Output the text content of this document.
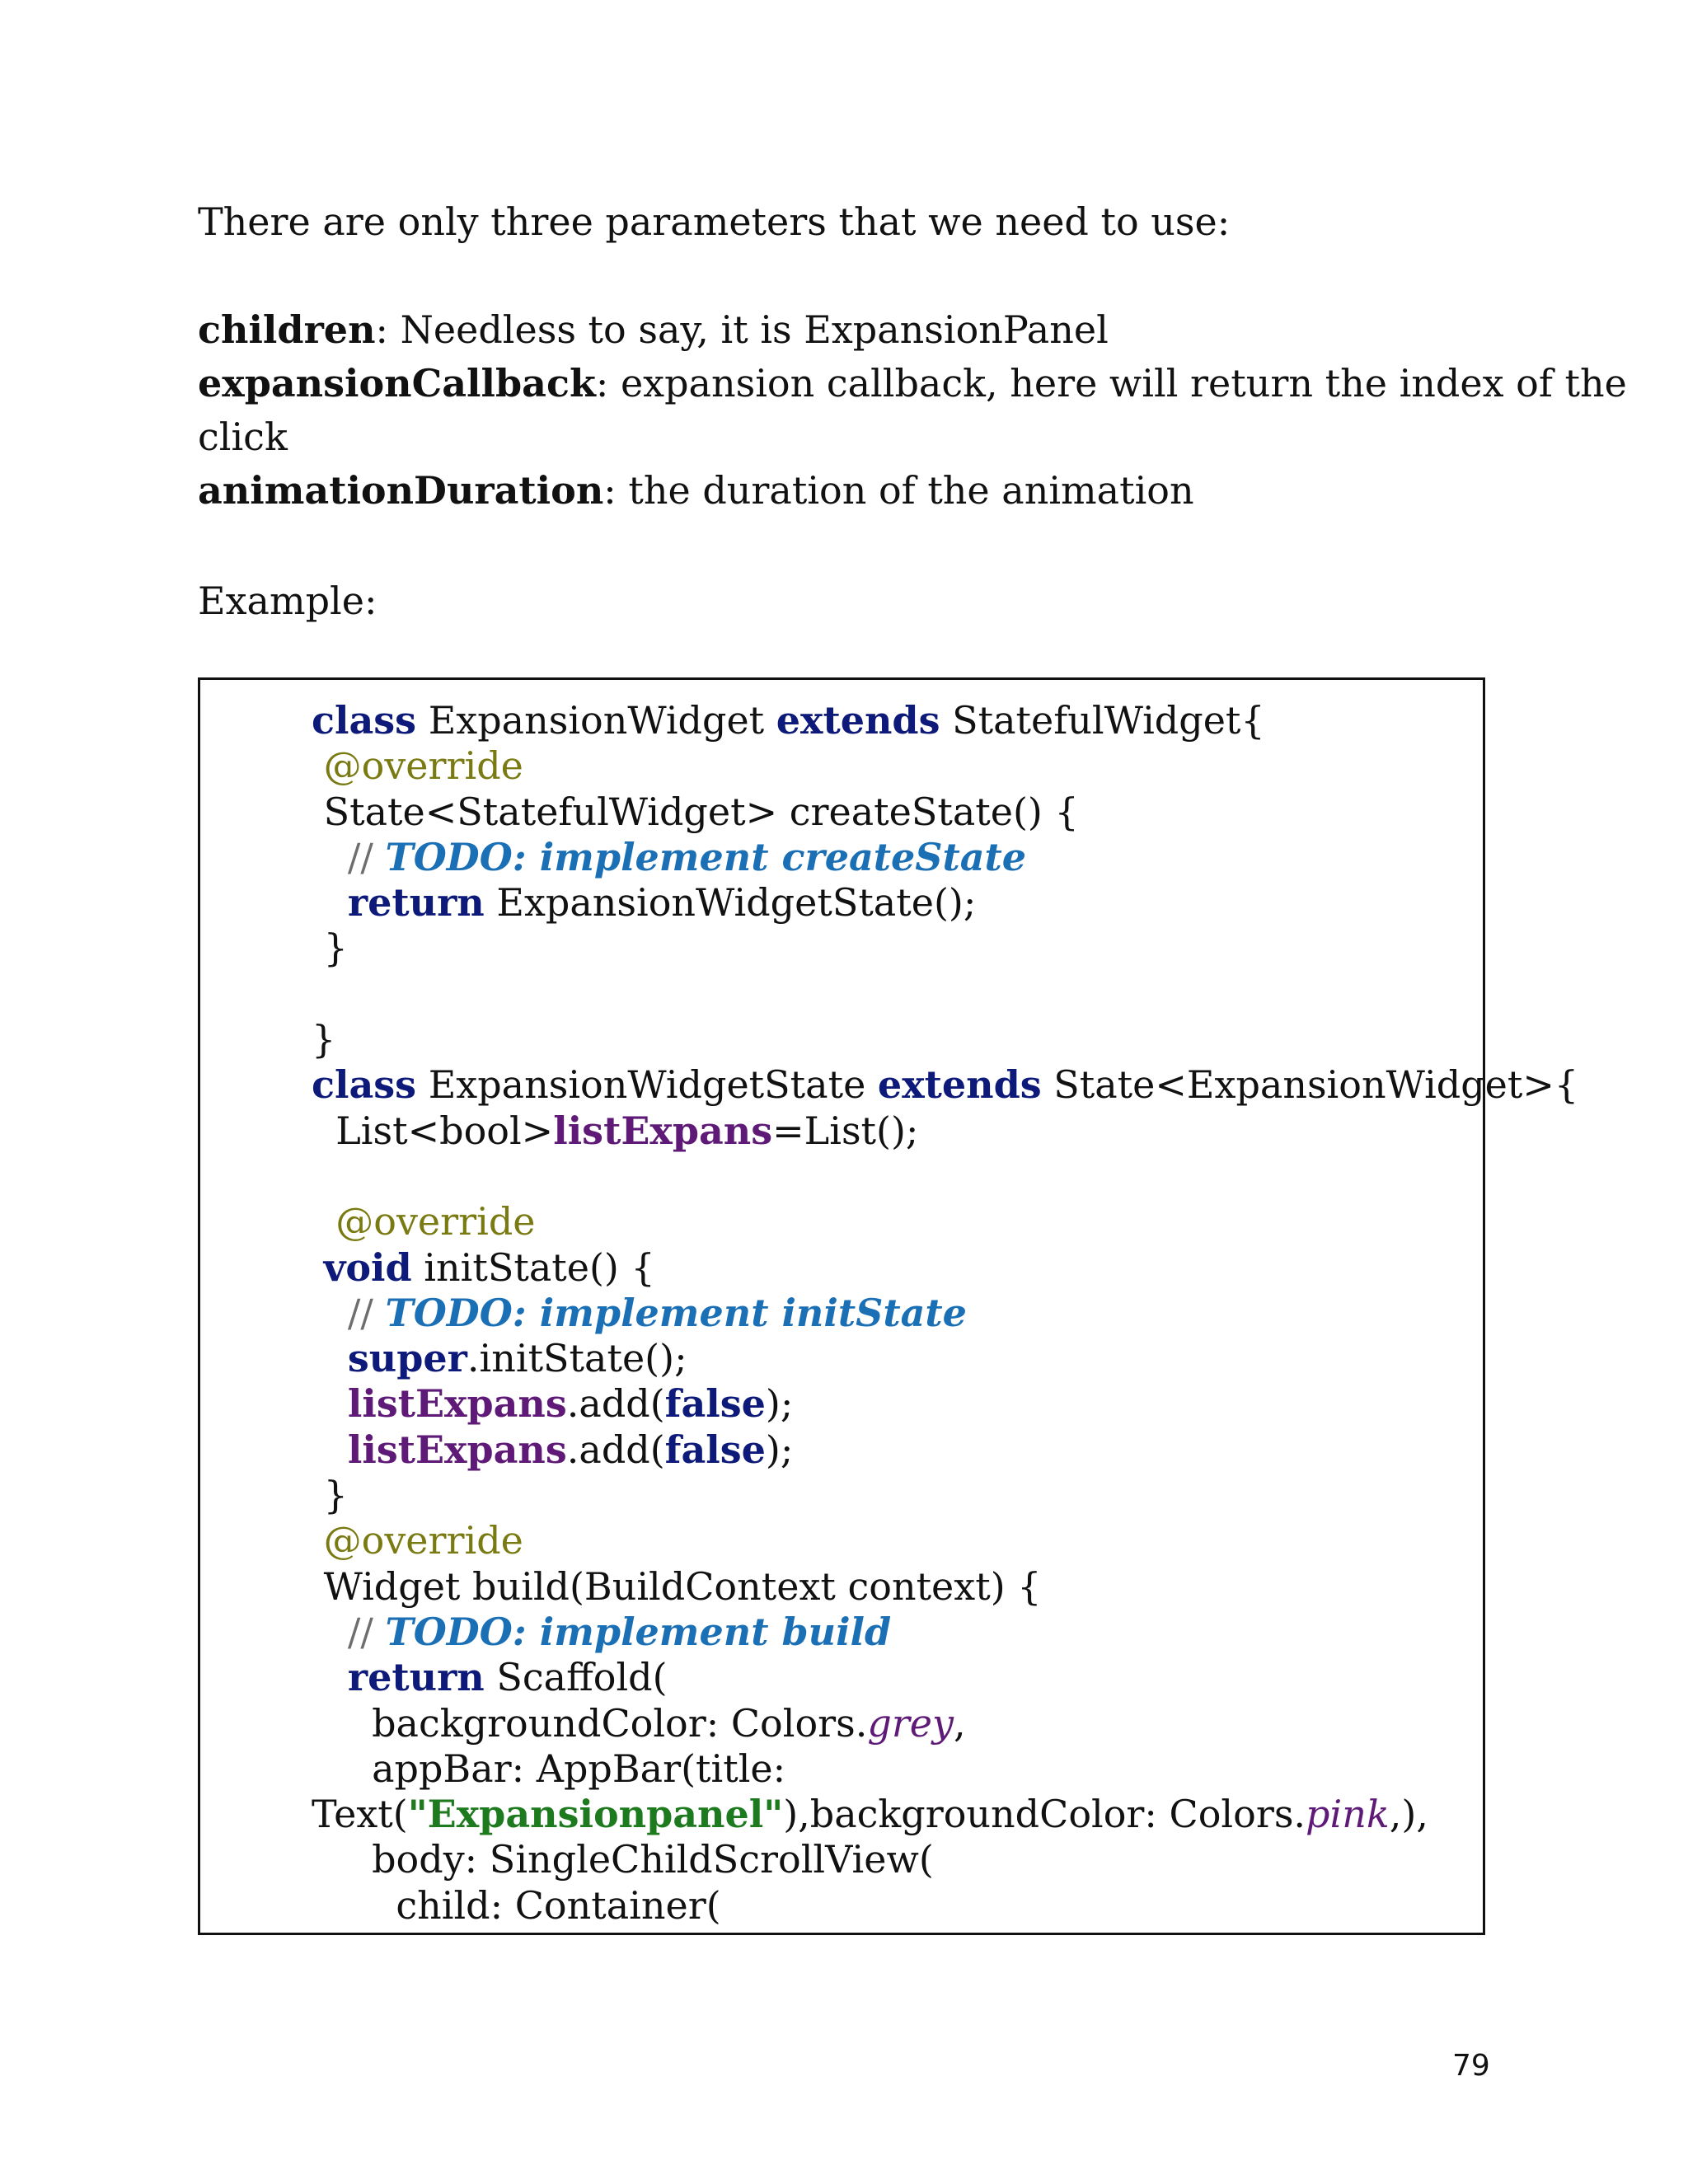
There are only three parameters that we need to use:

children: Needless to say, it is ExpansionPanel
expansionCallback: expansion callback, here will return the index of the
click
animationDuration: the duration of the animation

Example:

class ExpansionWidget extends StatefulWidget{
@override
State<StatefulWidget> createState() {
// TODO: implement createState
return ExpansionWidgetState();
}
}
class ExpansionWidgetState extends State<ExpansionWidget>{
List<bool>listExpans=List();
@override
void initState() {
// TODO: implement initState
super.initState();
listExpans.add(false);
listExpans.add(false);
}
@override
Widget build(BuildContext context) {
// TODO: implement build
return Scaffold(
backgroundColor: Colors.grey,
appBar: AppBar(title:
Text("Expansionpanel"),backgroundColor: Colors.pink,),
body: SingleChildScrollView(
child: Container(
79
